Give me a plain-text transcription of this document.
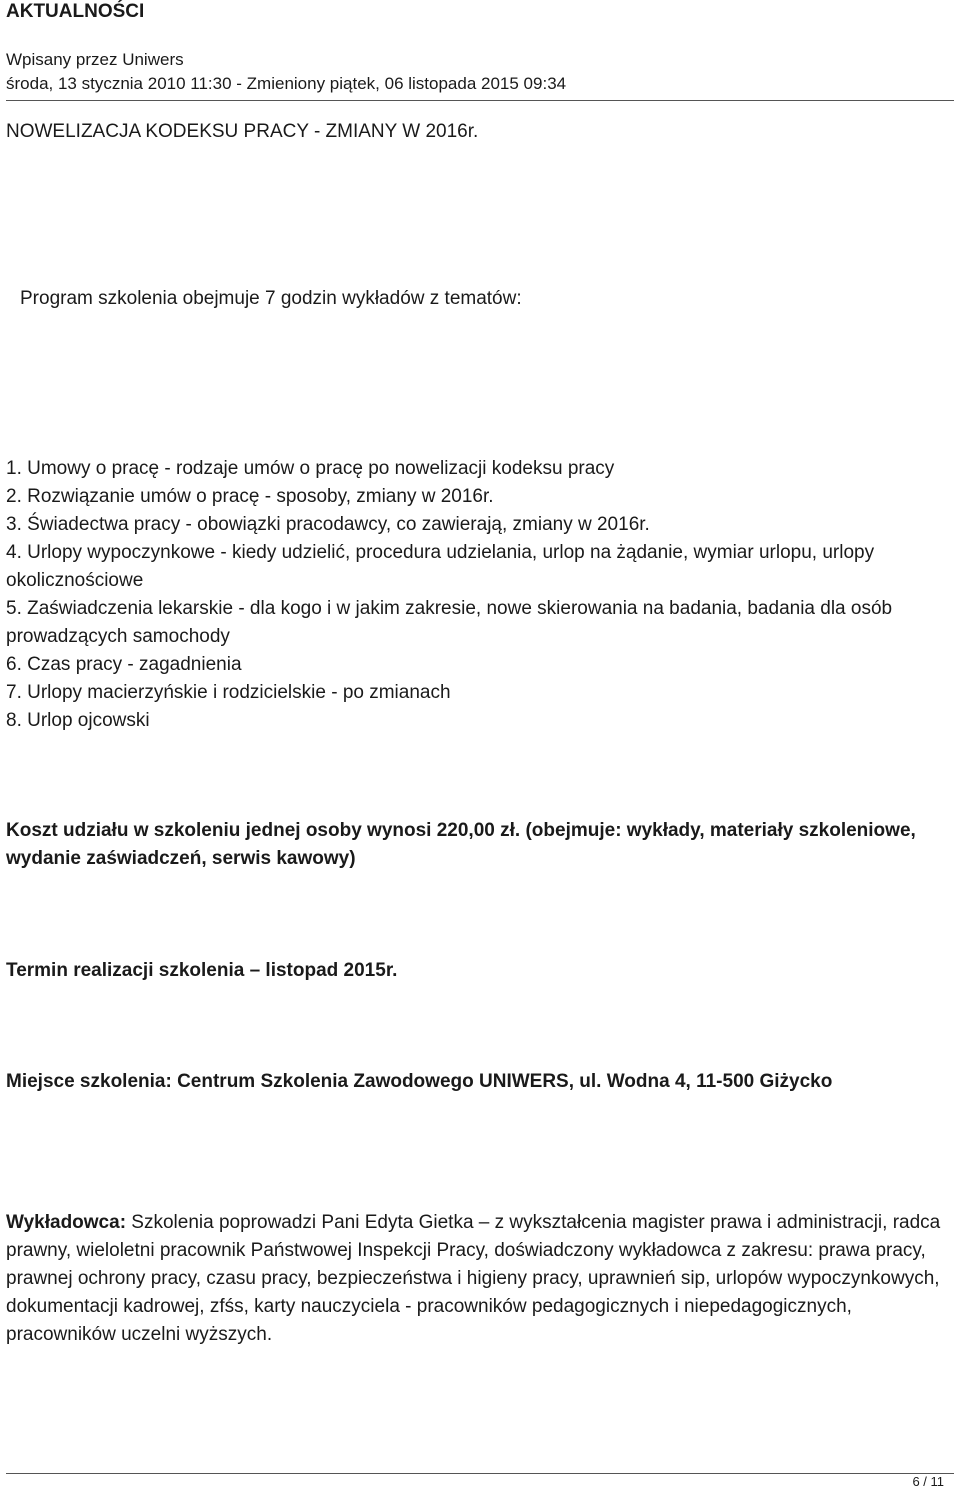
AKTUALNOŚCI
Wpisany przez Uniwers
środa, 13 stycznia 2010 11:30 - Zmieniony piątek, 06 listopada 2015 09:34
NOWELIZACJA KODEKSU PRACY - ZMIANY W 2016r.
Program szkolenia obejmuje 7 godzin wykładów z tematów:
1. Umowy o pracę - rodzaje umów o pracę po nowelizacji kodeksu pracy
2. Rozwiązanie umów o pracę - sposoby, zmiany w 2016r.
3. Świadectwa pracy - obowiązki pracodawcy, co zawierają, zmiany w 2016r.
4. Urlopy wypoczynkowe - kiedy udzielić, procedura udzielania, urlop na żądanie, wymiar urlopu, urlopy okolicznościowe
5. Zaświadczenia lekarskie - dla kogo i w jakim zakresie, nowe skierowania na badania, badania dla osób prowadzących samochody
6. Czas pracy - zagadnienia
7. Urlopy macierzyńskie i rodzicielskie - po zmianach
8. Urlop ojcowski
Koszt udziału w szkoleniu jednej osoby wynosi 220,00 zł. (obejmuje: wykłady, materiały szkoleniowe, wydanie zaświadczeń, serwis kawowy)
Termin realizacji szkolenia – listopad 2015r.
Miejsce szkolenia: Centrum Szkolenia Zawodowego UNIWERS, ul. Wodna 4, 11-500 Giżycko
Wykładowca: Szkolenia poprowadzi Pani Edyta Gietka – z wykształcenia magister prawa i administracji, radca prawny, wieloletni pracownik Państwowej Inspekcji Pracy, doświadczony wykładowca z zakresu: prawa pracy, prawnej ochrony pracy, czasu pracy, bezpieczeństwa i higieny pracy, uprawnień sip, urlopów wypoczynkowych, dokumentacji kadrowej, zfśs, karty nauczyciela - pracowników pedagogicznych i niepedagogicznych, pracowników uczelni wyższych.
6 / 11
